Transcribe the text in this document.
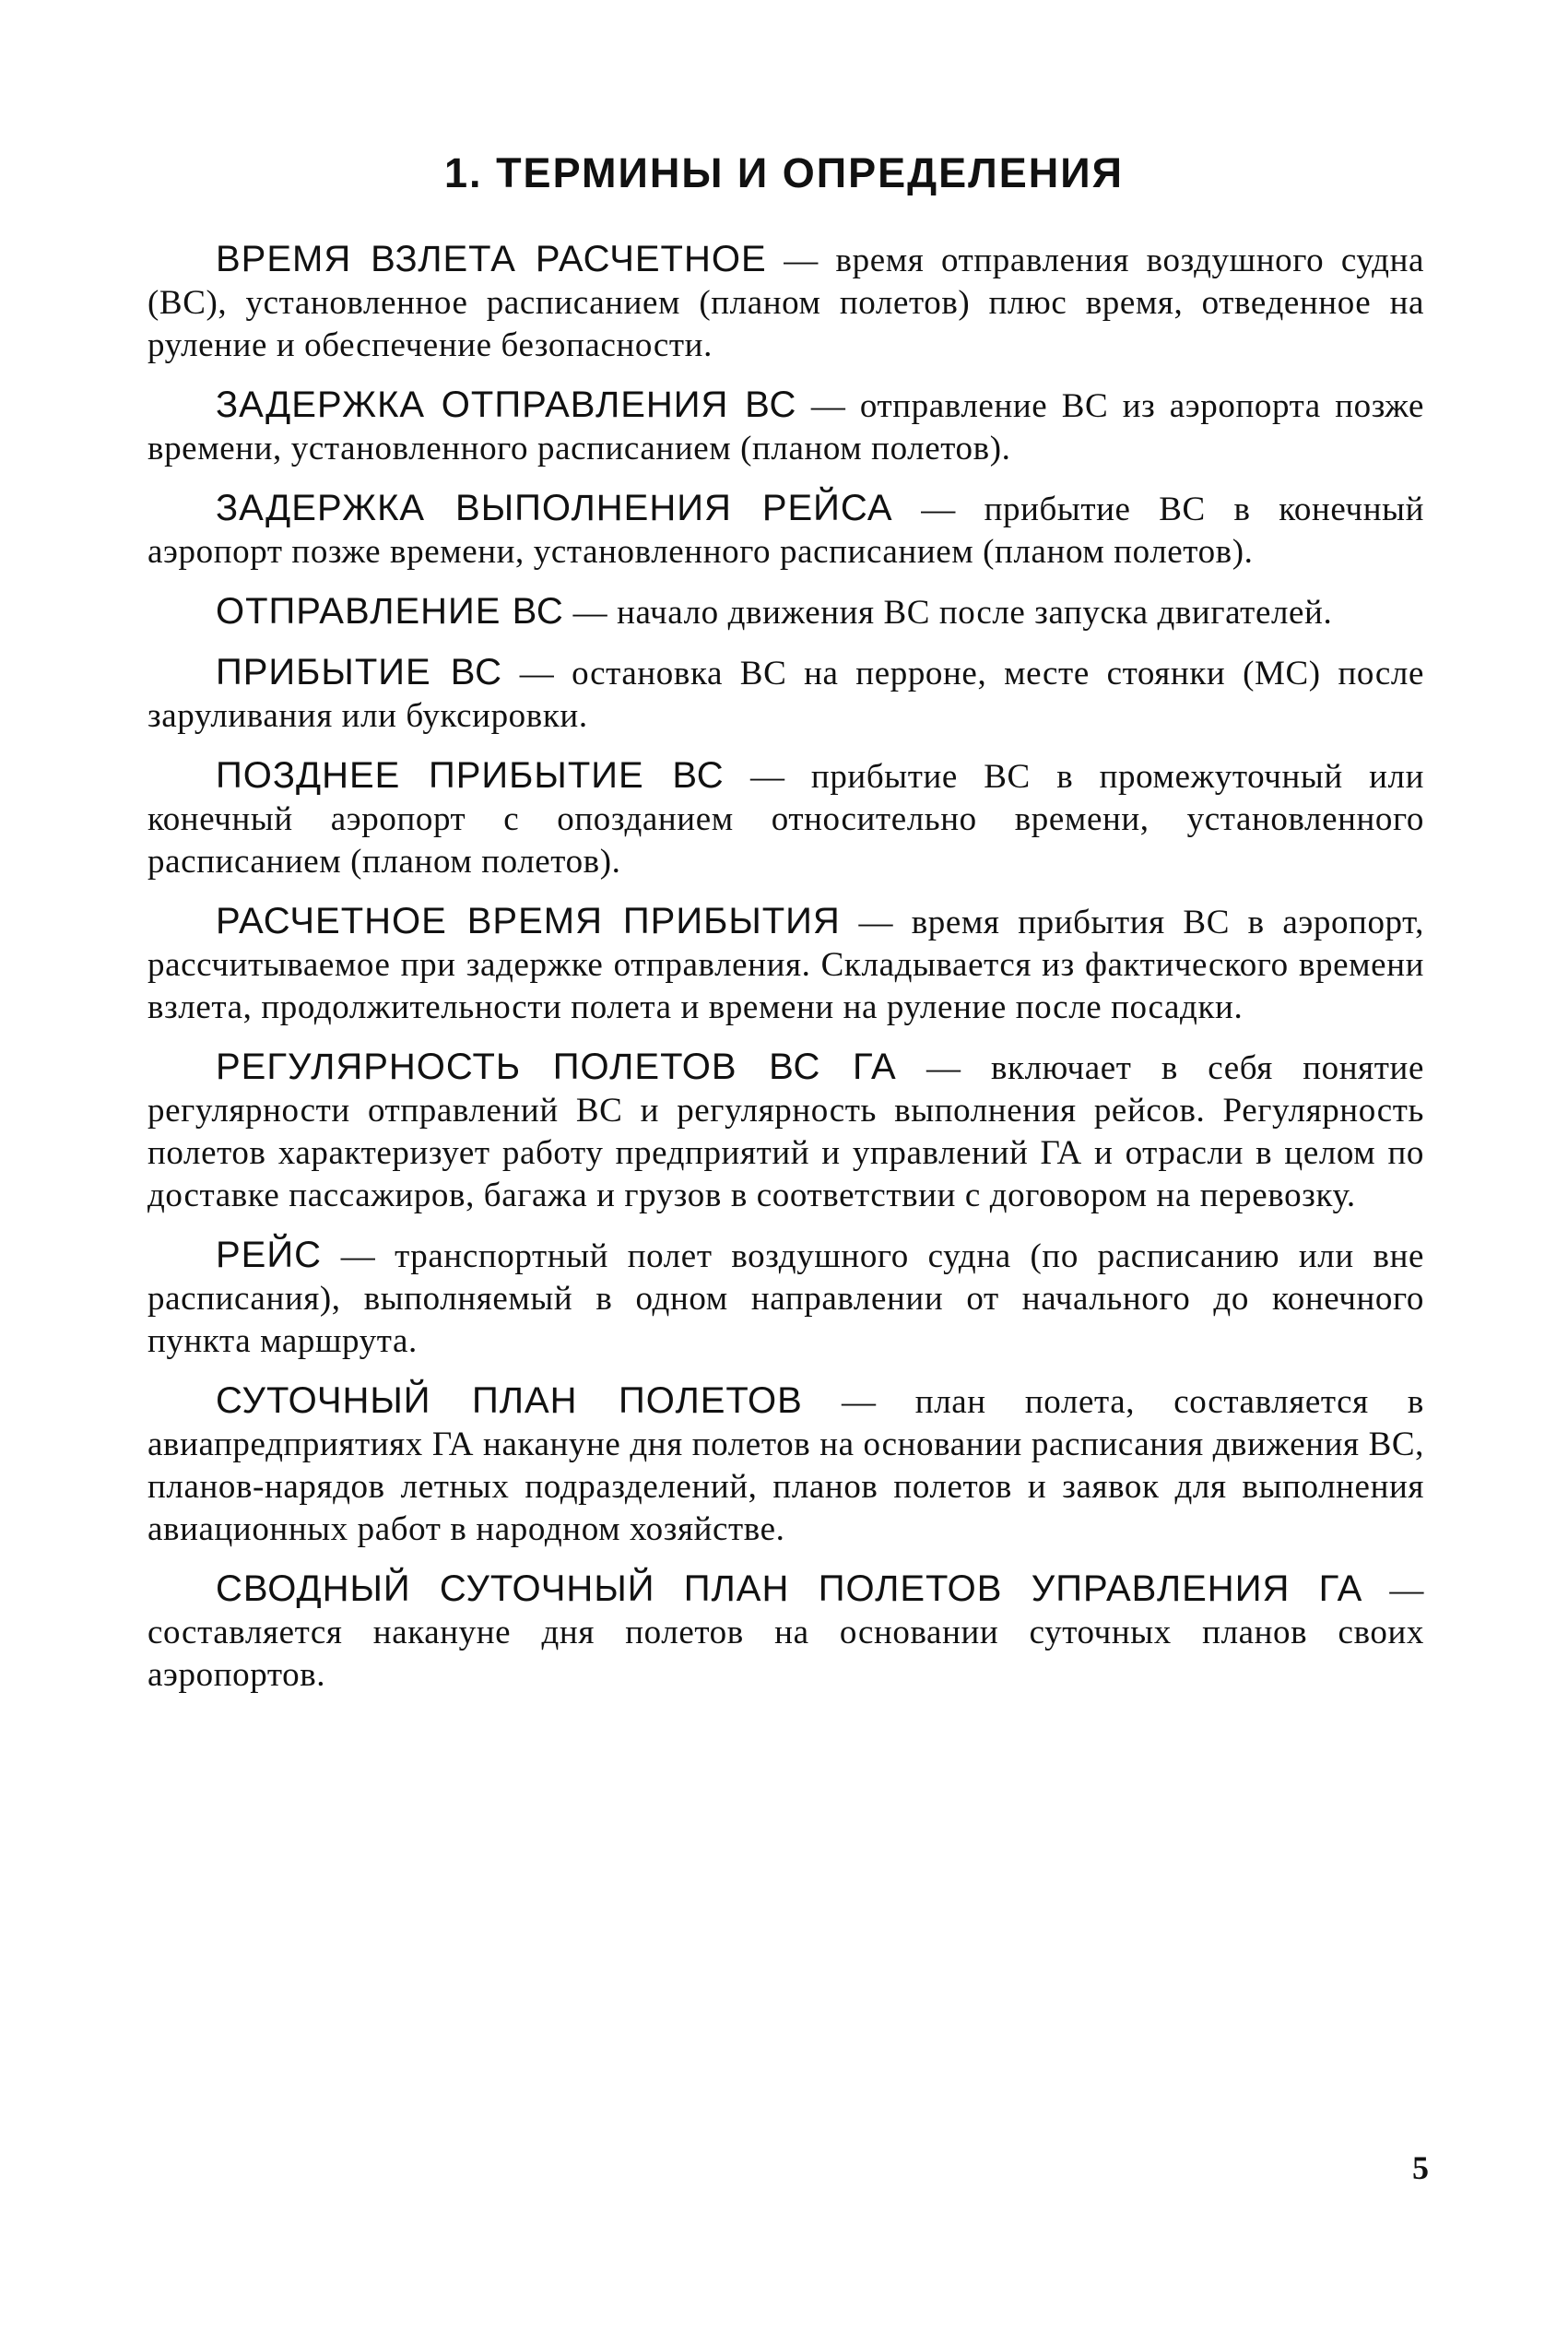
1. ТЕРМИНЫ И ОПРЕДЕЛЕНИЯ

ВРЕМЯ ВЗЛЕТА РАСЧЕТНОЕ — время отправления воздушного судна (ВС), установленное расписанием (планом полетов) плюс время, отведенное на руление и обеспечение безопасности.

ЗАДЕРЖКА ОТПРАВЛЕНИЯ ВС — отправление ВС из аэропорта позже времени, установленного расписанием (планом полетов).

ЗАДЕРЖКА ВЫПОЛНЕНИЯ РЕЙСА — прибытие ВС в конечный аэропорт позже времени, установленного расписанием (планом полетов).

ОТПРАВЛЕНИЕ ВС — начало движения ВС после запуска двигателей.

ПРИБЫТИЕ ВС — остановка ВС на перроне, месте стоянки (МС) после заруливания или буксировки.

ПОЗДНЕЕ ПРИБЫТИЕ ВС — прибытие ВС в промежуточный или конечный аэропорт с опозданием относительно времени, установленного расписанием (планом полетов).

РАСЧЕТНОЕ ВРЕМЯ ПРИБЫТИЯ — время прибытия ВС в аэропорт, рассчитываемое при задержке отправления. Складывается из фактического времени взлета, продолжительности полета и времени на руление после посадки.

РЕГУЛЯРНОСТЬ ПОЛЕТОВ ВС ГА — включает в себя понятие регулярности отправлений ВС и регулярность выполнения рейсов. Регулярность полетов характеризует работу предприятий и управлений ГА и отрасли в целом по доставке пассажиров, багажа и грузов в соответствии с договором на перевозку.

РЕЙС — транспортный полет воздушного судна (по расписанию или вне расписания), выполняемый в одном направлении от начального до конечного пункта маршрута.

СУТОЧНЫЙ ПЛАН ПОЛЕТОВ — план полета, составляется в авиапредприятиях ГА накануне дня полетов на основании расписания движения ВС, планов-нарядов летных подразделений, планов полетов и заявок для выполнения авиационных работ в народном хозяйстве.

СВОДНЫЙ СУТОЧНЫЙ ПЛАН ПОЛЕТОВ УПРАВЛЕНИЯ ГА — составляется накануне дня полетов на основании суточных планов своих аэропортов.

5
